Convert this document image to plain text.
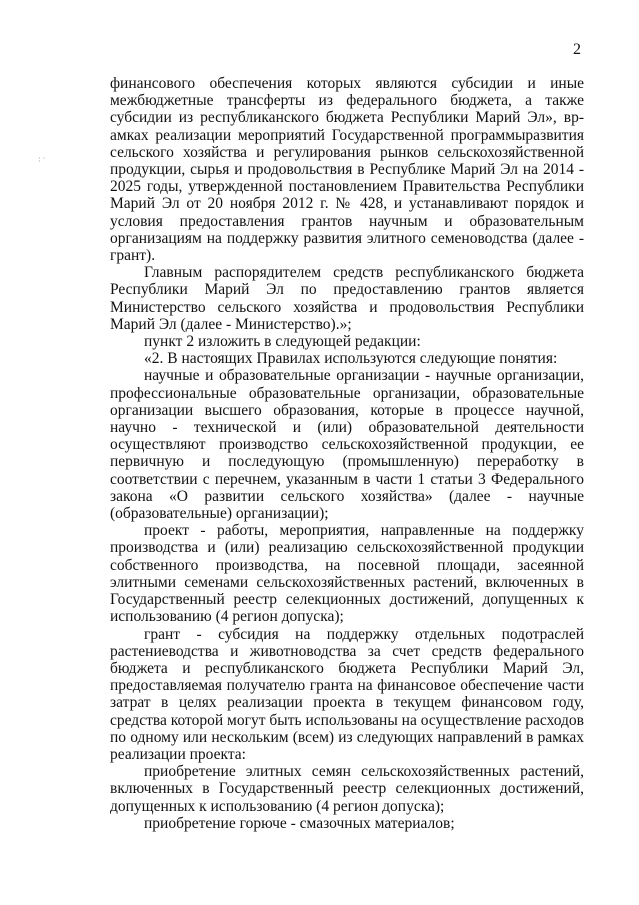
2
· · ·

финансового обеспечения которых являются субсидии и иные межбюджетные трансферты из федерального бюджета, а также субсидии из республиканского бюджета Республики Марий Эл», врамках реализации мероприятий Государственной программыразвития сельского хозяйства и регулирования рынков сельскохозяйственной продукции, сырья и продовольствия в Республике Марий Эл на 2014 - 2025 годы, утвержденной постановлением Правительства Республики Марий Эл от 20 ноября 2012 г. № 428, и устанавливают порядок и условия предоставления грантов научным и образовательным организациям на поддержку развития элитного семеноводства (далее - грант).

Главным распорядителем средств республиканского бюджета Республики Марий Эл по предоставлению грантов является Министерство сельского хозяйства и продовольствия Республики Марий Эл (далее - Министерство).»;

пункт 2 изложить в следующей редакции:

«2. В настоящих Правилах используются следующие понятия:

научные и образовательные организации - научные организации, профессиональные образовательные организации, образовательные организации высшего образования, которые в процессе научной, научно - технической и (или) образовательной деятельности осуществляют производство сельскохозяйственной продукции, ее первичную и последующую (промышленную) переработку в соответствии с перечнем, указанным в части 1 статьи 3 Федерального закона «О развитии сельского хозяйства» (далее - научные (образовательные) организации);

проект - работы, мероприятия, направленные на поддержку производства и (или) реализацию сельскохозяйственной продукции собственного производства, на посевной площади, засеянной элитными семенами сельскохозяйственных растений, включенных в Государственный реестр селекционных достижений, допущенных к использованию (4 регион допуска);

грант - субсидия на поддержку отдельных подотраслей растениеводства и животноводства за счет средств федерального бюджета и республиканского бюджета Республики Марий Эл, предоставляемая получателю гранта на финансовое обеспечение части затрат в целях реализации проекта в текущем финансовом году, средства которой могут быть использованы на осуществление расходов по одному или нескольким (всем) из следующих направлений в рамках реализации проекта:

приобретение элитных семян сельскохозяйственных растений, включенных в Государственный реестр селекционных достижений, допущенных к использованию (4 регион допуска);

приобретение горюче - смазочных материалов;
